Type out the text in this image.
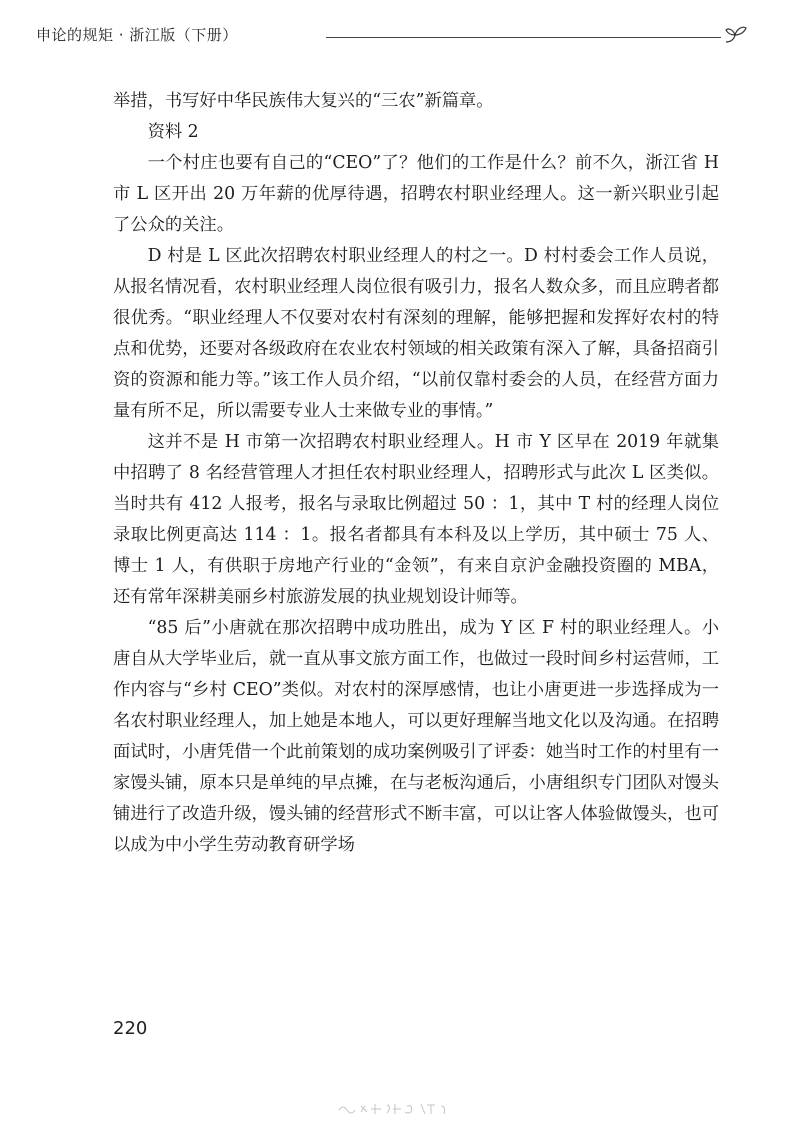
申论的规矩 · 浙江版（下册）

举措，书写好中华民族伟大复兴的“三农”新篇章。

资料 2

一个村庄也要有自己的“CEO”了？他们的工作是什么？前不久，浙江省 H 市 L 区开出 20 万年薪的优厚待遇，招聘农村职业经理人。这一新兴职业引起了公众的关注。

D 村是 L 区此次招聘农村职业经理人的村之一。D 村村委会工作人员说，从报名情况看，农村职业经理人岗位很有吸引力，报名人数众多，而且应聘者都很优秀。“职业经理人不仅要对农村有深刻的理解，能够把握和发挥好农村的特点和优势，还要对各级政府在农业农村领域的相关政策有深入了解，具备招商引资的资源和能力等。”该工作人员介绍，“以前仅靠村委会的人员，在经营方面力量有所不足，所以需要专业人士来做专业的事情。”

这并不是 H 市第一次招聘农村职业经理人。H 市 Y 区早在 2019 年就集中招聘了 8 名经营管理人才担任农村职业经理人，招聘形式与此次 L 区类似。当时共有 412 人报考，报名与录取比例超过 50 ：1，其中 T 村的经理人岗位录取比例更高达 114 ：1。报名者都具有本科及以上学历，其中硕士 75 人、博士 1 人，有供职于房地产行业的“金领”，有来自京沪金融投资圈的 MBA，还有常年深耕美丽乡村旅游发展的执业规划设计师等。

“85 后”小唐就在那次招聘中成功胜出，成为 Y 区 F 村的职业经理人。小唐自从大学毕业后，就一直从事文旅方面工作，也做过一段时间乡村运营师，工作内容与“乡村 CEO”类似。对农村的深厚感情，也让小唐更进一步选择成为一名农村职业经理人，加上她是本地人，可以更好理解当地文化以及沟通。在招聘面试时，小唐凭借一个此前策划的成功案例吸引了评委：她当时工作的村里有一家馒头铺，原本只是单纯的早点摊，在与老板沟通后，小唐组织专门团队对馒头铺进行了改造升级，馒头铺的经营形式不断丰富，可以让客人体验做馒头，也可以成为中小学生劳动教育研学场

220
